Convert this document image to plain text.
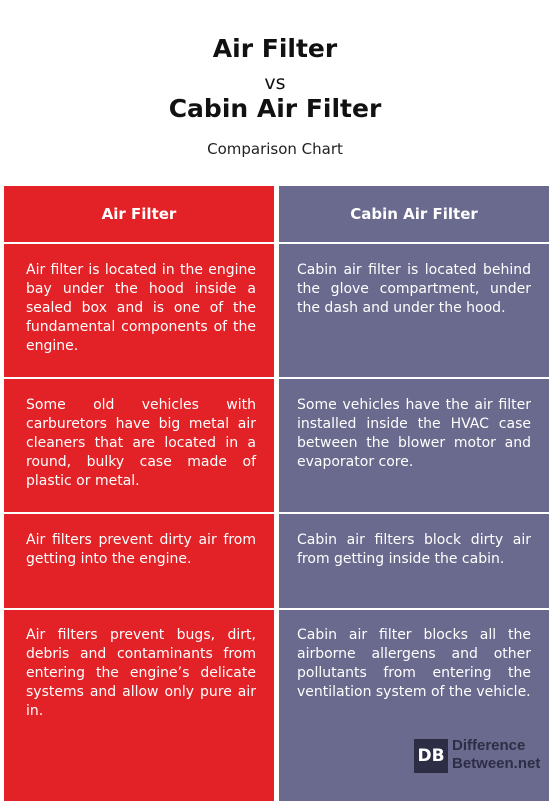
Air Filter
vs
Cabin Air Filter
Comparison Chart
Air Filter
Air filter is located in the engine bay under the hood inside a sealed box and is one of the fundamental components of the engine.
Some old vehicles with carburetors have big metal air cleaners that are located in a round, bulky case made of plastic or metal.
Air filters prevent dirty air from getting into the engine.
Air filters prevent bugs, dirt, debris and contaminants from entering the engine’s delicate systems and allow only pure air in.
Cabin Air Filter
Cabin air filter is located behind the glove compartment, under the dash and under the hood.
Some vehicles have the air filter installed inside the HVAC case between the blower motor and evaporator core.
Cabin air filters block dirty air from getting inside the cabin.
Cabin air filter blocks all the airborne allergens and other pollutants from entering the ventilation system of the vehicle.
DB
Difference
Between.net
